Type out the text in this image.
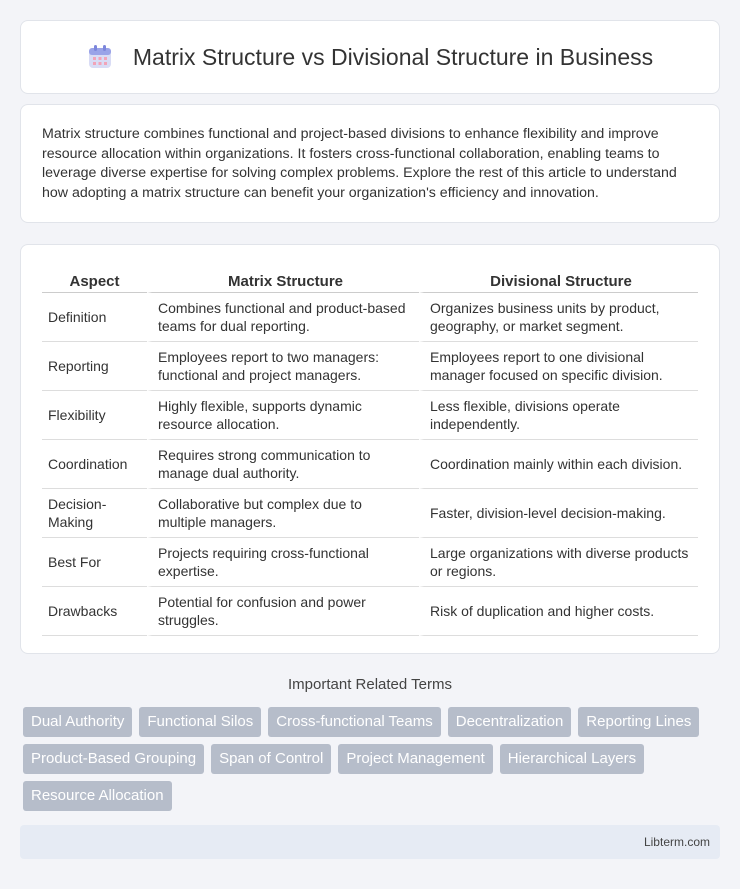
Matrix Structure vs Divisional Structure in Business

Matrix structure combines functional and project-based divisions to enhance flexibility and improve resource allocation within organizations. It fosters cross-functional collaboration, enabling teams to leverage diverse expertise for solving complex problems. Explore the rest of this article to understand how adopting a matrix structure can benefit your organization's efficiency and innovation.

Aspect	Matrix Structure	Divisional Structure
Definition	Combines functional and product-based teams for dual reporting.	Organizes business units by product, geography, or market segment.
Reporting	Employees report to two managers: functional and project managers.	Employees report to one divisional manager focused on specific division.
Flexibility	Highly flexible, supports dynamic resource allocation.	Less flexible, divisions operate independently.
Coordination	Requires strong communication to manage dual authority.	Coordination mainly within each division.
Decision-Making	Collaborative but complex due to multiple managers.	Faster, division-level decision-making.
Best For	Projects requiring cross-functional expertise.	Large organizations with diverse products or regions.
Drawbacks	Potential for confusion and power struggles.	Risk of duplication and higher costs.
Important Related Terms
Dual Authority	Functional Silos	Cross-functional Teams	Decentralization	Reporting Lines
Product-Based Grouping	Span of Control	Project Management	Hierarchical Layers
Resource Allocation
Libterm.com
